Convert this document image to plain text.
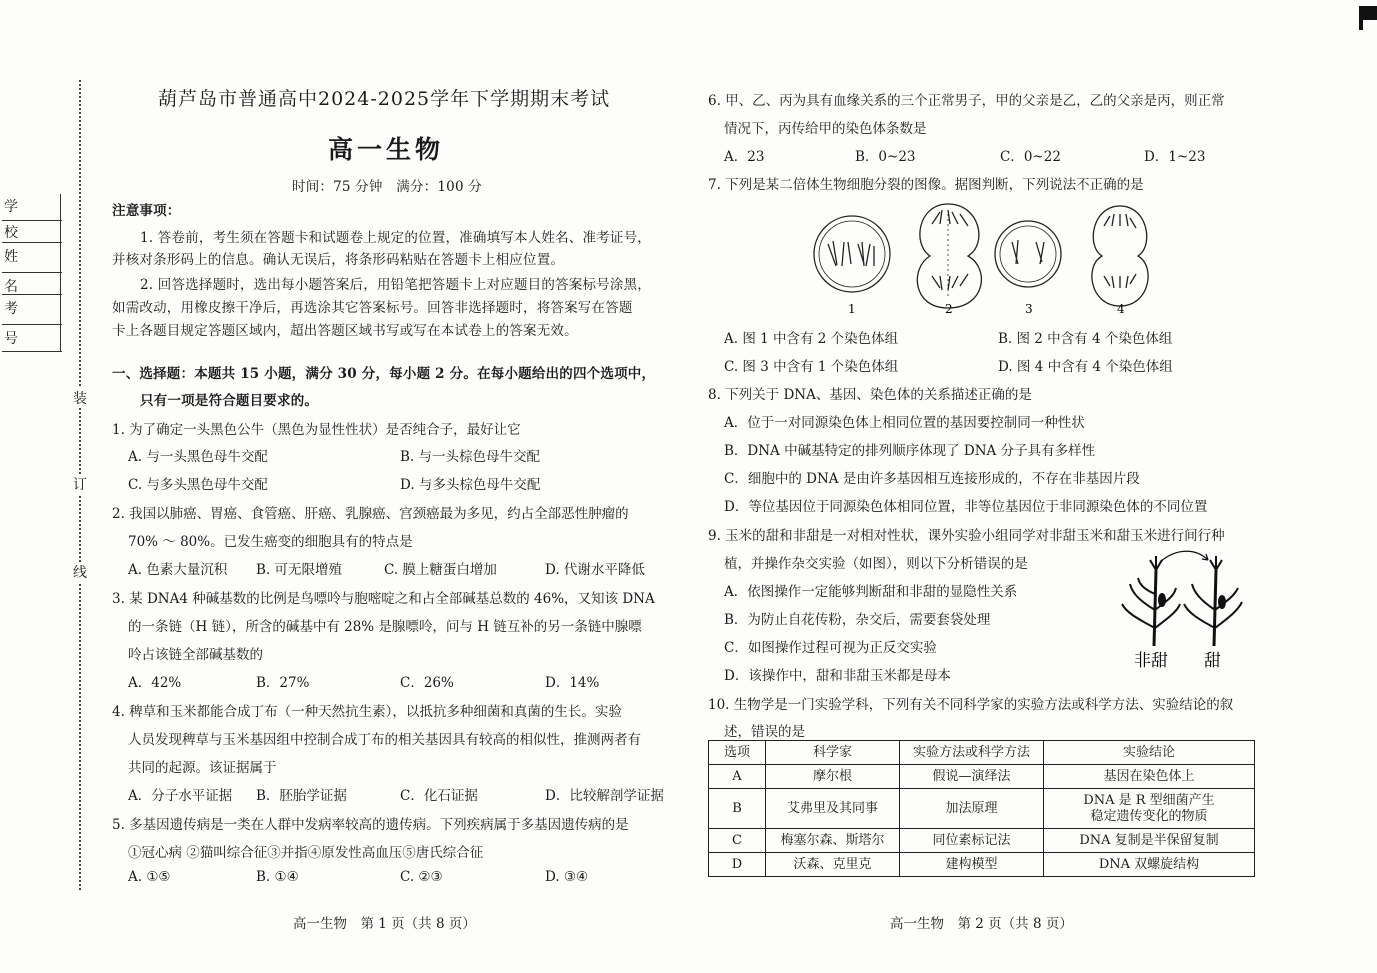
学 校
姓 名
考 号
装
订
线
葫芦岛市普通高中2024-2025学年下学期期末考试
高一生物
时间：75 分钟　满分：100 分
注意事项：
1. 答卷前，考生须在答题卡和试题卷上规定的位置，准确填写本人姓名、准考证号，
并核对条形码上的信息。确认无误后，将条形码粘贴在答题卡上相应位置。
2. 回答选择题时，选出每小题答案后，用铅笔把答题卡上对应题目的答案标号涂黑，
如需改动，用橡皮擦干净后，再选涂其它答案标号。回答非选择题时，将答案写在答题
卡上各题目规定答题区域内，超出答题区域书写或写在本试卷上的答案无效。
一、选择题：本题共 15 小题，满分 30 分，每小题 2 分。在每小题给出的四个选项中，
只有一项是符合题目要求的。
1. 为了确定一头黑色公牛（黑色为显性性状）是否纯合子，最好让它
A. 与一头黑色母牛交配	B. 与一头棕色母牛交配
C. 与多头黑色母牛交配	D. 与多头棕色母牛交配
2. 我国以肺癌、胃癌、食管癌、肝癌、乳腺癌、宫颈癌最为多见，约占全部恶性肿瘤的
70% ～ 80%。已发生癌变的细胞具有的特点是
A. 色素大量沉积 B. 可无限增殖	C. 膜上糖蛋白增加	D. 代谢水平降低
3. 某 DNA4 种碱基数的比例是鸟嘌呤与胞嘧啶之和占全部碱基总数的 46%，又知该 DNA
的一条链（H 链），所含的碱基中有 28% 是腺嘌呤，问与 H 链互补的另一条链中腺嘌
呤占该链全部碱基数的
A．42%	B．27%	C．26%	D．14%
4. 稗草和玉米都能合成丁布（一种天然抗生素），以抵抗多种细菌和真菌的生长。实验
人员发现稗草与玉米基因组中控制合成丁布的相关基因具有较高的相似性，推测两者有
共同的起源。该证据属于
A．分子水平证据 B．胚胎学证据	C．化石证据	D．比较解剖学证据
5. 多基因遗传病是一类在人群中发病率较高的遗传病。下列疾病属于多基因遗传病的是
①冠心病 ②猫叫综合征③并指④原发性高血压⑤唐氏综合征
A. ①⑤	B. ①④	C. ②③	D. ③④
6. 甲、乙、丙为具有血缘关系的三个正常男子，甲的父亲是乙，乙的父亲是丙，则正常
情况下，丙传给甲的染色体条数是
A．23	B．0~23	C．0~22	D．1~23
7. 下列是某二倍体生物细胞分裂的图像。据图判断，下列说法不正确的是
1	2	3	4
A. 图 1 中含有 2 个染色体组	B. 图 2 中含有 4 个染色体组
C. 图 3 中含有 1 个染色体组	D. 图 4 中含有 4 个染色体组
8. 下列关于 DNA、基因、染色体的关系描述正确的是
A．位于一对同源染色体上相同位置的基因要控制同一种性状
B．DNA 中碱基特定的排列顺序体现了 DNA 分子具有多样性
C．细胞中的 DNA 是由许多基因相互连接形成的，不存在非基因片段
D．等位基因位于同源染色体相同位置，非等位基因位于非同源染色体的不同位置
9. 玉米的甜和非甜是一对相对性状，课外实验小组同学对非甜玉米和甜玉米进行间行种
植，并操作杂交实验（如图），则以下分析错误的是
A．依图操作一定能够判断甜和非甜的显隐性关系
B．为防止自花传粉，杂交后，需要套袋处理
C．如图操作过程可视为正反交实验
D．该操作中，甜和非甜玉米都是母本
非甜 甜
10. 生物学是一门实验学科，下列有关不同科学家的实验方法或科学方法、实验结论的叙
述，错误的是
选项	科学家	实验方法或科学方法	实验结论
A	摩尔根	假说—演绎法	基因在染色体上
B	艾弗里及其同事	加法原理	DNA 是 R 型细菌产生
稳定遗传变化的物质

C	梅塞尔森、斯塔尔	同位素标记法	DNA 复制是半保留复制
D	沃森、克里克	建构模型	DNA 双螺旋结构
高一生物　第 1 页（共 8 页）	高一生物　第 2 页（共 8 页）
